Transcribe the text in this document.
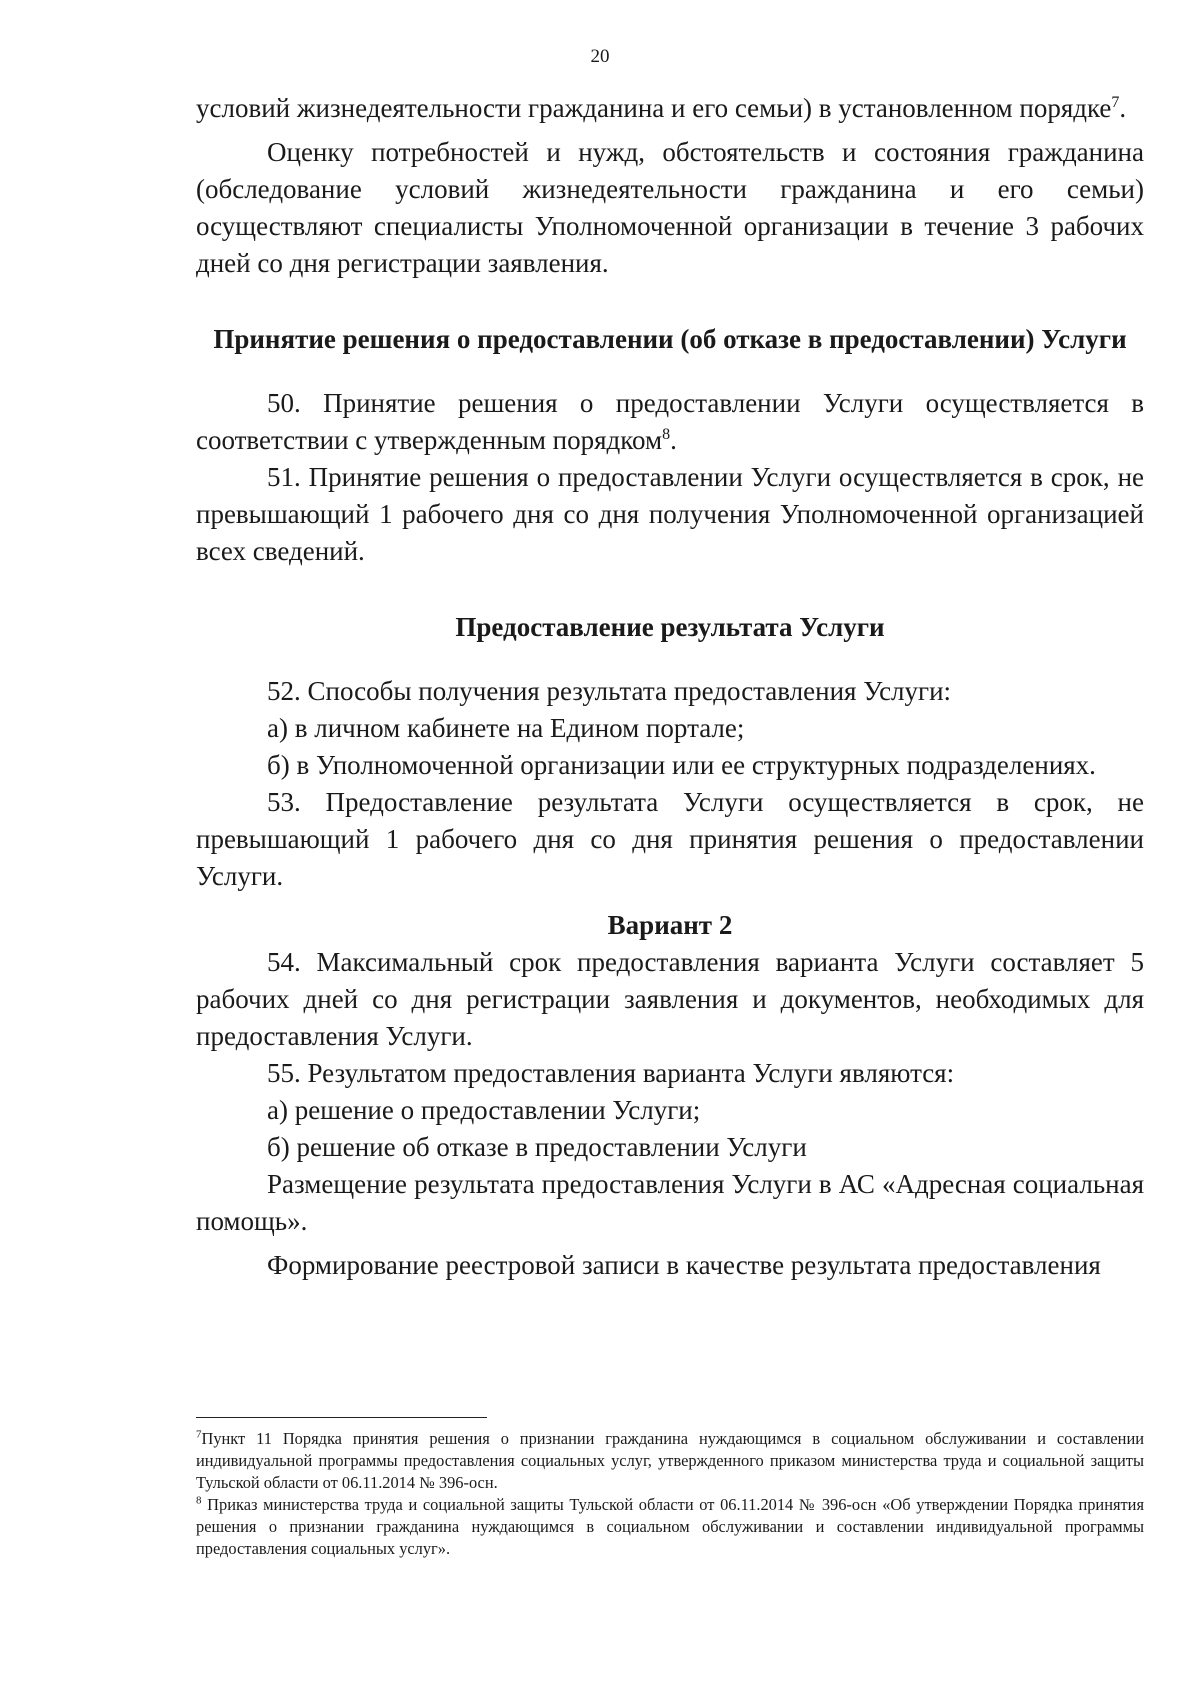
20

условий жизнедеятельности гражданина и его семьи) в установленном порядке$^7$.

Оценку потребностей и нужд, обстоятельств и состояния гражданина (обследование условий жизнедеятельности гражданина и его семьи) осуществляют специалисты Уполномоченной организации в течение 3 рабочих дней со дня регистрации заявления.

Принятие решения о предоставлении (об отказе в предоставлении) Услуги

50. Принятие решения о предоставлении Услуги осуществляется в соответствии с утвержденным порядком$^8$.

51. Принятие решения о предоставлении Услуги осуществляется в срок, не превышающий 1 рабочего дня со дня получения Уполномоченной организацией всех сведений.

Предоставление результата Услуги

52. Способы получения результата предоставления Услуги:

а) в личном кабинете на Едином портале;

б) в Уполномоченной организации или ее структурных подразделениях.

53. Предоставление результата Услуги осуществляется в срок, не превышающий 1 рабочего дня со дня принятия решения о предоставлении Услуги.

Вариант 2

54. Максимальный срок предоставления варианта Услуги составляет 5 рабочих дней со дня регистрации заявления и документов, необходимых для предоставления Услуги.

55. Результатом предоставления варианта Услуги являются:

а) решение о предоставлении Услуги;

б) решение об отказе в предоставлении Услуги

Размещение результата предоставления Услуги в АС «Адресная социальная помощь».

Формирование реестровой записи в качестве результата предоставления

$^7$Пункт 11 Порядка принятия решения о признании гражданина нуждающимся в социальном обслуживании и составлении индивидуальной программы предоставления социальных услуг, утвержденного приказом министерства труда и социальной защиты Тульской области от 06.11.2014 № 396-осн.

$^8$ Приказ министерства труда и социальной защиты Тульской области от 06.11.2014 № 396-осн «Об утверждении Порядка принятия решения о признании гражданина нуждающимся в социальном обслуживании и составлении индивидуальной программы предоставления социальных услуг».
